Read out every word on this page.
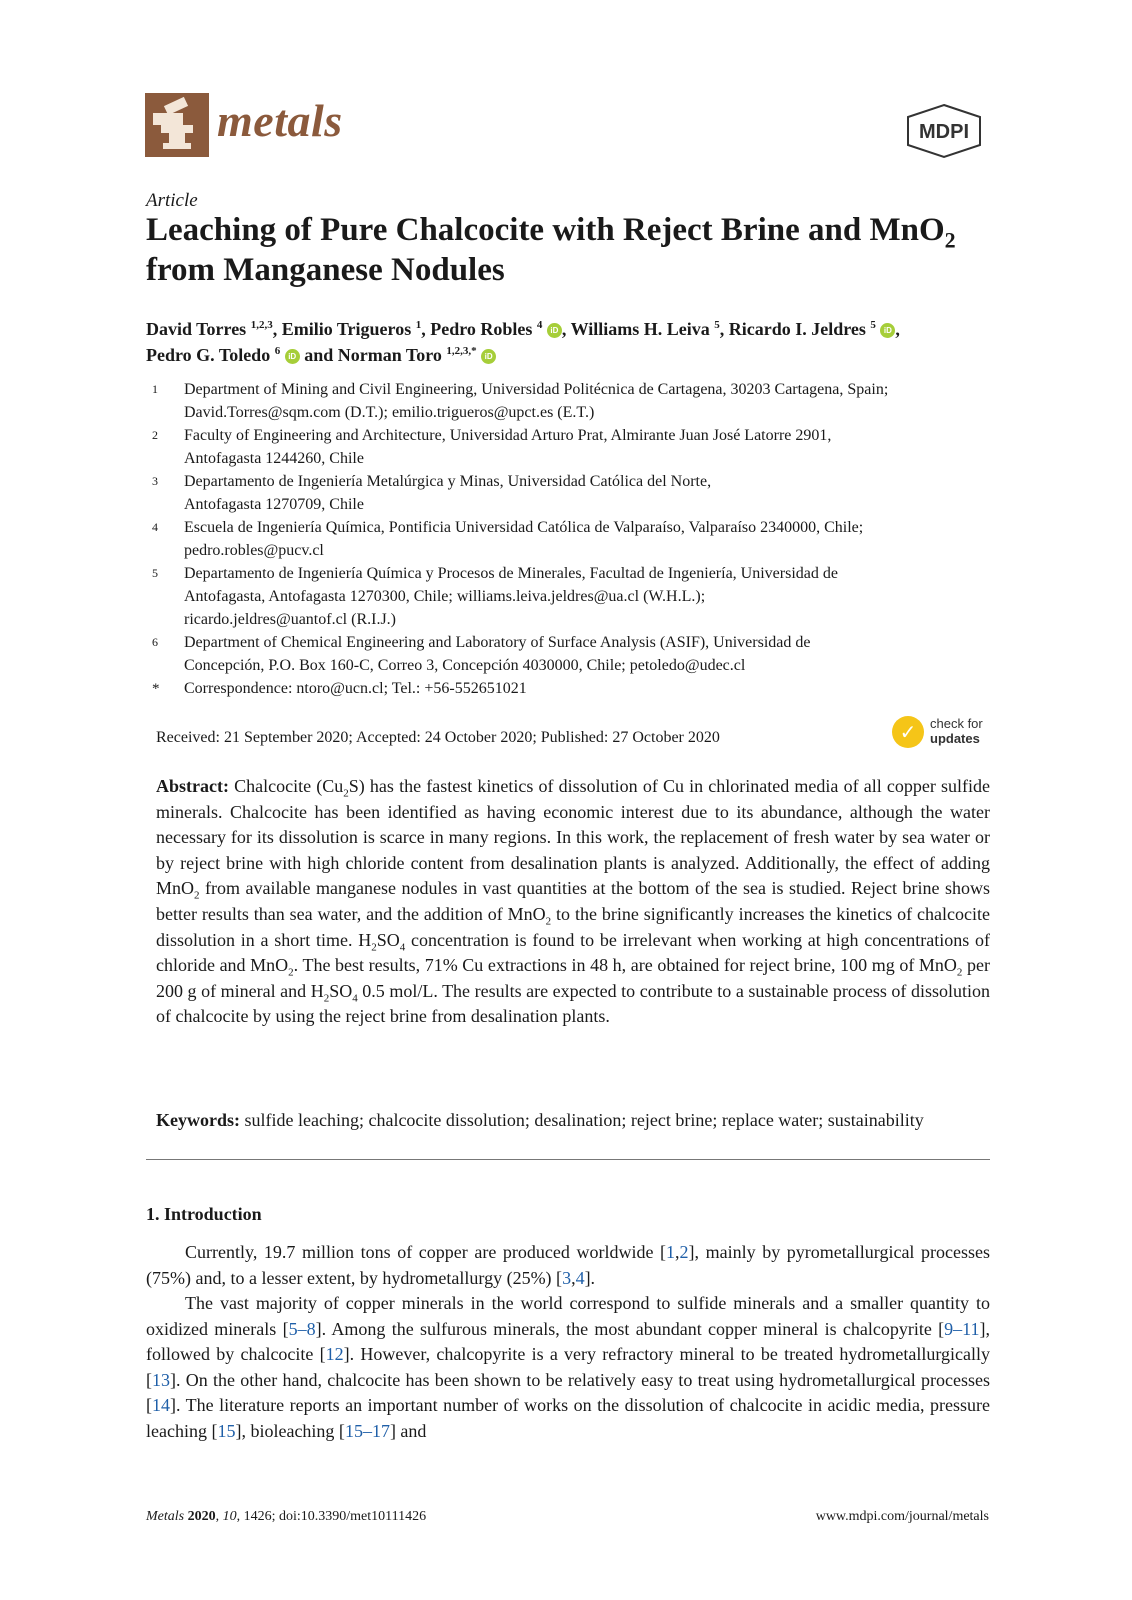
metals	MDPI
Article
Leaching of Pure Chalcocite with Reject Brine and MnO$_2$ from Manganese Nodules
David Torres $^{1,2,3}$, Emilio Trigueros $^1$, Pedro Robles $^4$ iD , Williams H. Leiva $^5$, Ricardo I. Jeldres $^5$ iD ,
Pedro G. Toledo $^6$ iD and Norman Toro $^{1,2,3,*}$ iD
1 Department of Mining and Civil Engineering, Universidad Politécnica de Cartagena, 30203 Cartagena, Spain;
David.Torres@sqm.com (D.T.); emilio.trigueros@upct.es (E.T.)
2 Faculty of Engineering and Architecture, Universidad Arturo Prat, Almirante Juan José Latorre 2901,
Antofagasta 1244260, Chile
3 Departamento de Ingeniería Metalúrgica y Minas, Universidad Católica del Norte,
Antofagasta 1270709, Chile
4 Escuela de Ingeniería Química, Pontificia Universidad Católica de Valparaíso, Valparaíso 2340000, Chile;
pedro.robles@pucv.cl
5 Departamento de Ingeniería Química y Procesos de Minerales, Facultad de Ingeniería, Universidad de
Antofagasta, Antofagasta 1270300, Chile; williams.leiva.jeldres@ua.cl (W.H.L.);
ricardo.jeldres@uantof.cl (R.I.J.)
6 Department of Chemical Engineering and Laboratory of Surface Analysis (ASIF), Universidad de
Concepción, P.O. Box 160-C, Correo 3, Concepción 4030000, Chile; petoledo@udec.cl
* Correspondence: ntoro@ucn.cl; Tel.: +56-552651021
Received: 21 September 2020; Accepted: 24 October 2020; Published: 27 October 2020	✓	check for
updates
Abstract: Chalcocite $(Cu_2S)$ has the fastest kinetics of dissolution of Cu in chlorinated media of all copper sulfide minerals. Chalcocite has been identified as having economic interest due to its abundance, although the water necessary for its dissolution is scarce in many regions. In this work, the replacement of fresh water by sea water or by reject brine with high chloride content from desalination plants is analyzed. Additionally, the effect of adding MnO$_2$ from available manganese nodules in vast quantities at the bottom of the sea is studied. Reject brine shows better results than sea water, and the addition of MnO$_2$ to the brine significantly increases the kinetics of chalcocite dissolution in a short time. $H_2SO_4$ concentration is found to be irrelevant when working at high concentrations of chloride and MnO$_2$. The best results, 71% Cu extractions in 48 h, are obtained for reject brine, 100 mg of MnO$_2$ per 200 g of mineral and $H_2SO_4$ 0.5 mol/L. The results are expected to contribute to a sustainable process of dissolution of chalcocite by using the reject brine from desalination plants.
Keywords: sulfide leaching; chalcocite dissolution; desalination; reject brine; replace water; sustainability
1. Introduction

Currently, 19.7 million tons of copper are produced worldwide [1,2], mainly by pyrometallurgical processes (75%) and, to a lesser extent, by hydrometallurgy (25%) [3,4].

The vast majority of copper minerals in the world correspond to sulfide minerals and a smaller quantity to oxidized minerals [5–8]. Among the sulfurous minerals, the most abundant copper mineral is chalcopyrite [9–11], followed by chalcocite [12]. However, chalcopyrite is a very refractory mineral to be treated hydrometallurgically [13]. On the other hand, chalcocite has been shown to be relatively easy to treat using hydrometallurgical processes [14]. The literature reports an important number of works on the dissolution of chalcocite in acidic media, pressure leaching [15], bioleaching [15–17] and

Metals 2020, 10, 1426; doi:10.3390/met10111426	www.mdpi.com/journal/metals
